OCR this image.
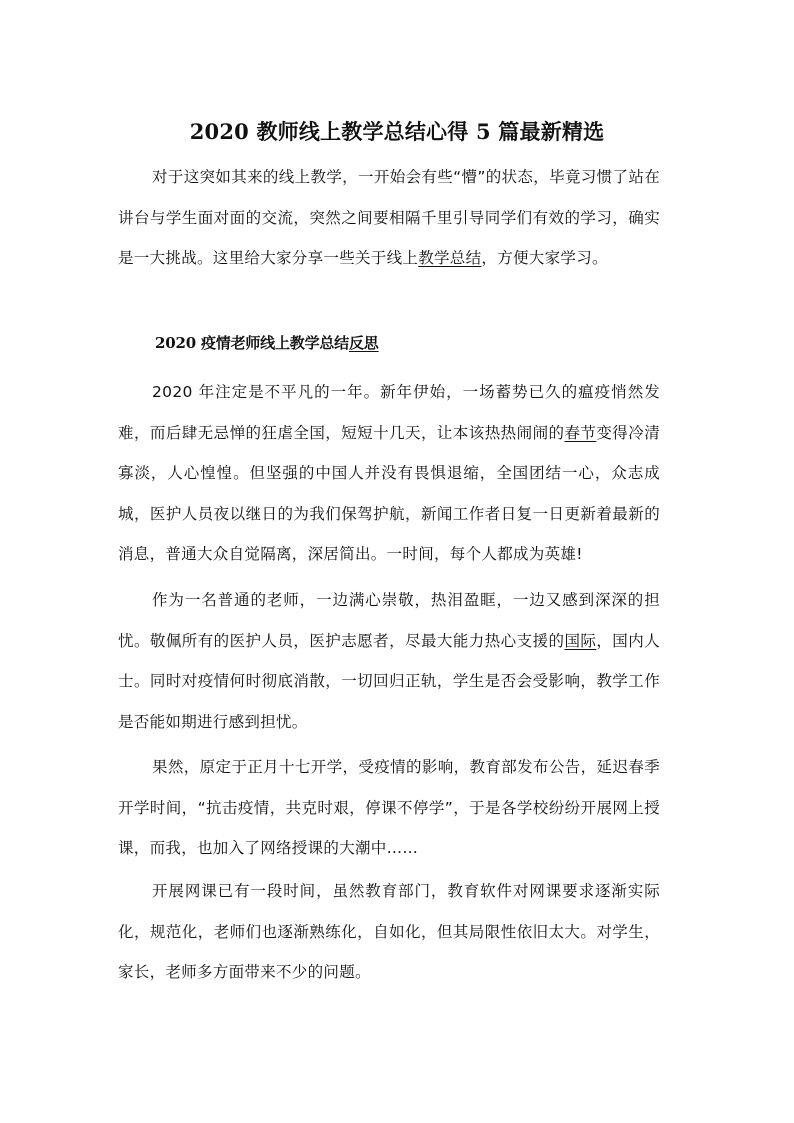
2020 教师线上教学总结心得 5 篇最新精选

对于这突如其来的线上教学，一开始会有些“懵”的状态，毕竟习惯了站在讲台与学生面对面的交流，突然之间要相隔千里引导同学们有效的学习，确实是一大挑战。这里给大家分享一些关于线上教学总结，方便大家学习。

2020 疫情老师线上教学总结反思

2020 年注定是不平凡的一年。新年伊始，一场蓄势已久的瘟疫悄然发难，而后肆无忌惮的狂虐全国，短短十几天，让本该热热闹闹的春节变得冷清寡淡，人心惶惶。但坚强的中国人并没有畏惧退缩，全国团结一心，众志成城，医护人员夜以继日的为我们保驾护航，新闻工作者日复一日更新着最新的消息，普通大众自觉隔离，深居简出。一时间，每个人都成为英雄!

作为一名普通的老师，一边满心崇敬，热泪盈眶，一边又感到深深的担忧。敬佩所有的医护人员，医护志愿者，尽最大能力热心支援的国际，国内人士。同时对疫情何时彻底消散，一切回归正轨，学生是否会受影响，教学工作是否能如期进行感到担忧。

果然，原定于正月十七开学，受疫情的影响，教育部发布公告，延迟春季开学时间，“抗击疫情，共克时艰，停课不停学”，于是各学校纷纷开展网上授课，而我，也加入了网络授课的大潮中……

开展网课已有一段时间，虽然教育部门，教育软件对网课要求逐渐实际化，规范化，老师们也逐渐熟练化，自如化，但其局限性依旧太大。对学生，家长，老师多方面带来不少的问题。
